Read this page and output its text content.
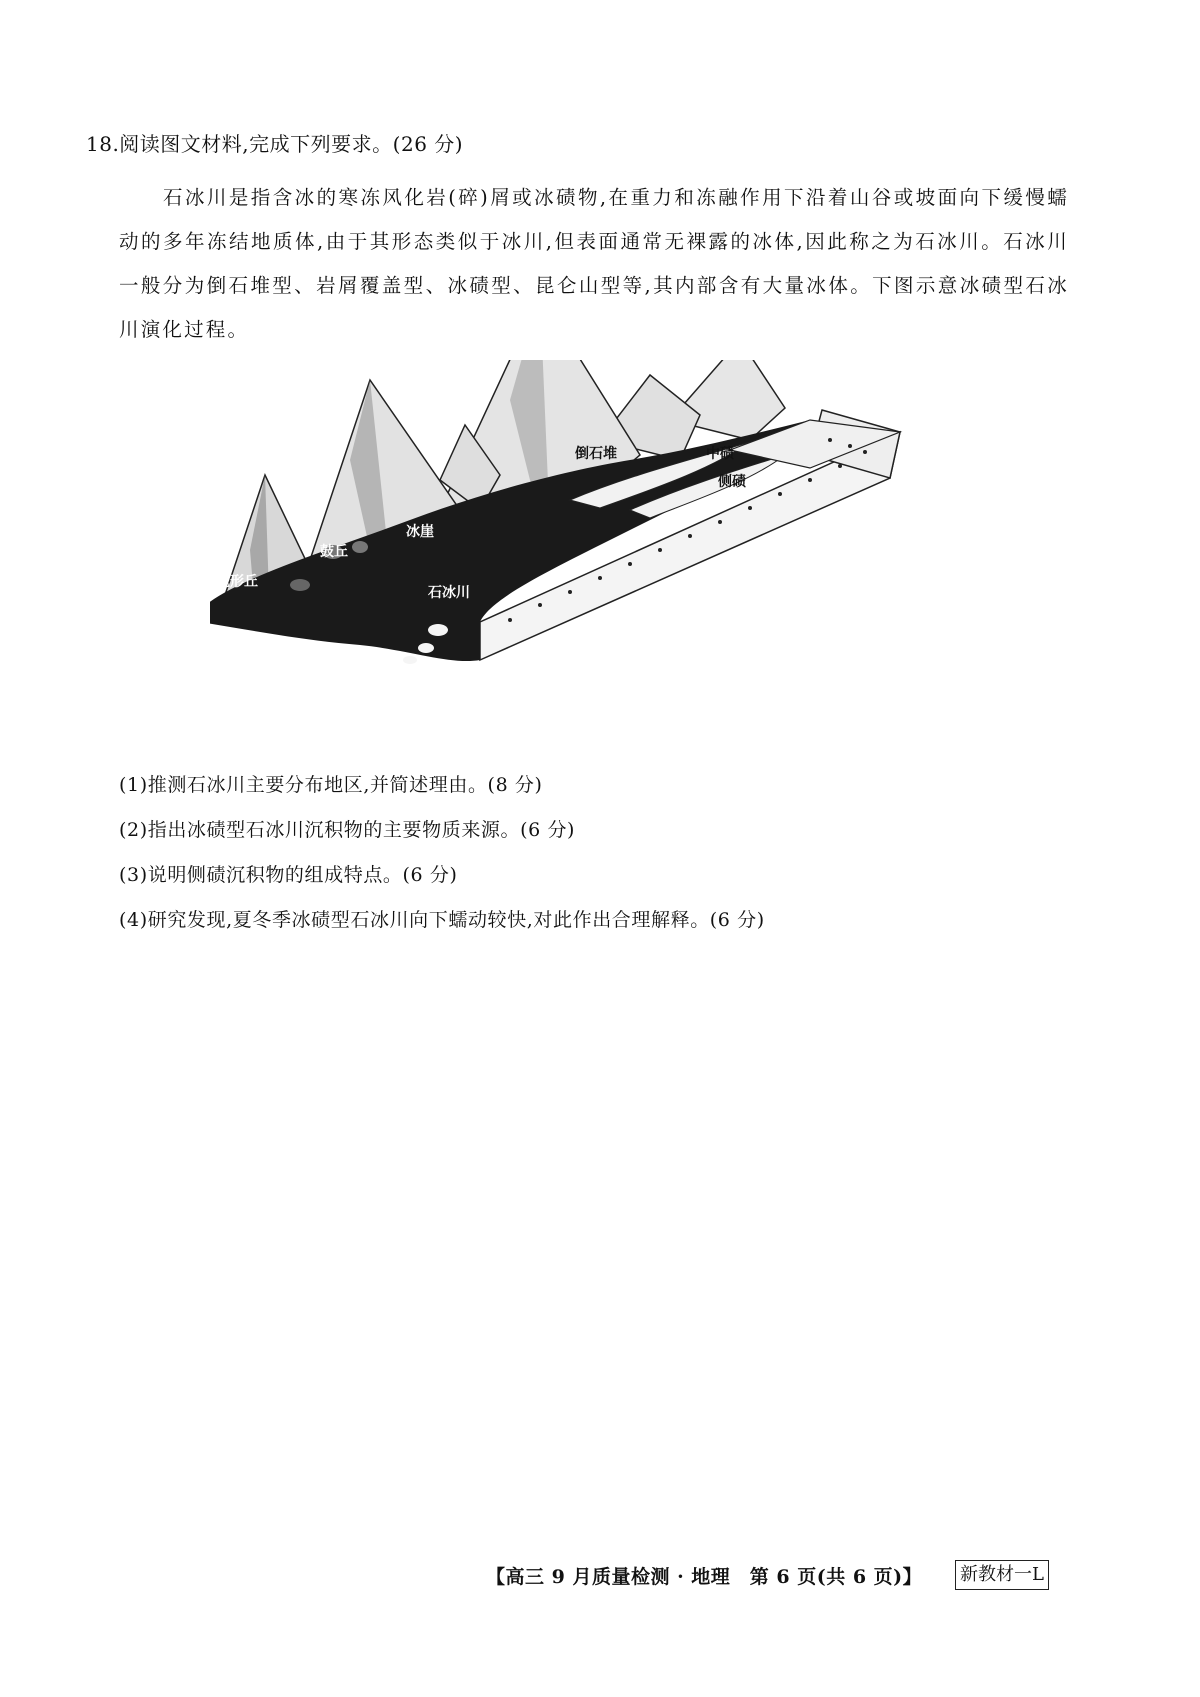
18.阅读图文材料,完成下列要求。(26 分)

石冰川是指含冰的寒冻风化岩(碎)屑或冰碛物,在重力和冻融作用下沿着山谷或坡面向下缓慢蠕动的多年冻结地质体,由于其形态类似于冰川,但表面通常无裸露的冰体,因此称之为石冰川。石冰川一般分为倒石堆型、岩屑覆盖型、冰碛型、昆仑山型等,其内部含有大量冰体。下图示意冰碛型石冰川演化过程。

倒石堆	中碛
侧碛
冰崖
鼓丘
蛇形丘
石冰川
(1)推测石冰川主要分布地区,并简述理由。(8 分)
(2)指出冰碛型石冰川沉积物的主要物质来源。(6 分)
(3)说明侧碛沉积物的组成特点。(6 分)
(4)研究发现,夏冬季冰碛型石冰川向下蠕动较快,对此作出合理解释。(6 分)
【高三 9 月质量检测 · 地理　第 6 页(共 6 页)】 新教材一L
